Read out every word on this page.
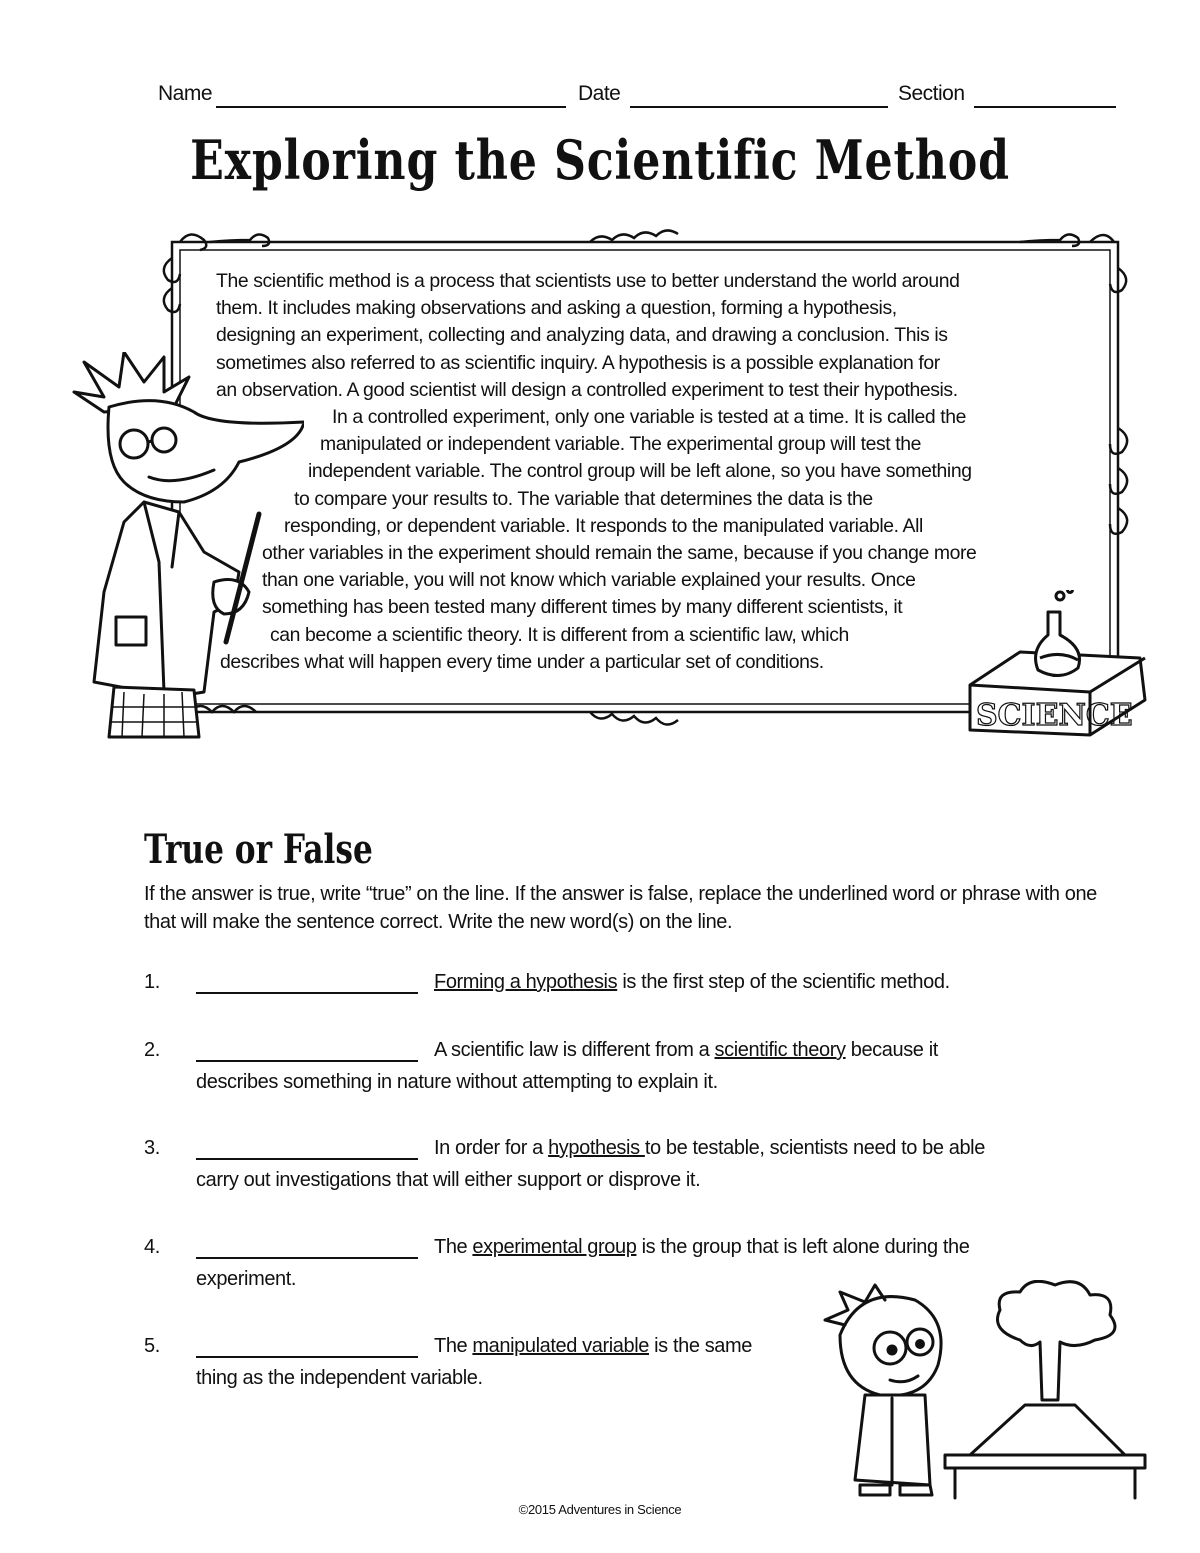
Name	Date	Section
Exploring the Scientific Method
The scientific method is a process that scientists use to better understand the world around
them. It includes making observations and asking a question, forming a hypothesis,
designing an experiment, collecting and analyzing data, and drawing a conclusion. This is
sometimes also referred to as scientific inquiry. A hypothesis is a possible explanation for
an observation. A good scientist will design a controlled experiment to test their hypothesis.
In a controlled experiment, only one variable is tested at a time. It is called the
manipulated or independent variable. The experimental group will test the
independent variable. The control group will be left alone, so you have something
to compare your results to. The variable that determines the data is the
responding, or dependent variable. It responds to the manipulated variable. All
other variables in the experiment should remain the same, because if you change more
than one variable, you will not know which variable explained your results. Once
something has been tested many different times by many different scientists, it
can become a scientific theory. It is different from a scientific law, which
describes what will happen every time under a particular set of conditions.
SCIENCE
True or False
If the answer is true, write “true” on the line. If the answer is false, replace the underlined word or phrase with one that will make the sentence correct. Write the new word(s) on the line.
1.	Forming a hypothesis is the first step of the scientific method.
2.	A scientific law is different from a scientific theory because it
describes something in nature without attempting to explain it.
3.	In order for a hypothesis to be testable, scientists need to be able
carry out investigations that will either support or disprove it.
4.	The experimental group is the group that is left alone during the
experiment.
5.	The manipulated variable is the same
thing as the independent variable.
©2015 Adventures in Science
